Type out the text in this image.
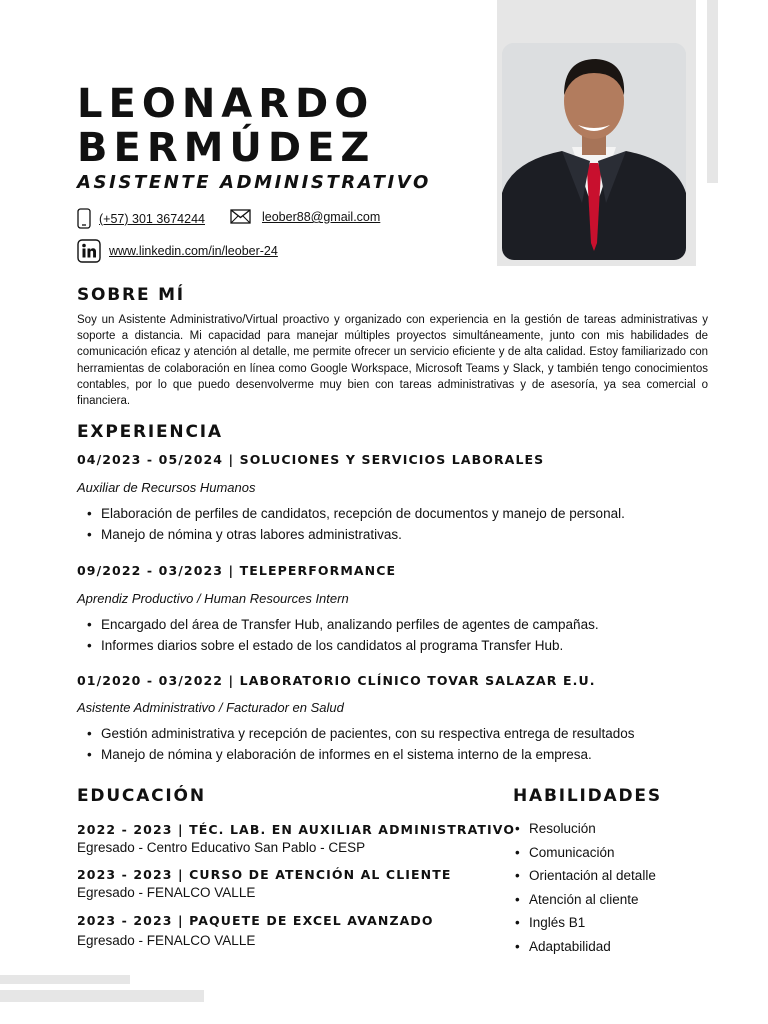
LEONARDO
BERMÚDEZ
ASISTENTE ADMINISTRATIVO
(+57) 301 3674244	leober88@gmail.com
www.linkedin.com/in/leober-24
SOBRE MÍ

Soy un Asistente Administrativo/Virtual proactivo y organizado con experiencia en la gestión de tareas administrativas y soporte a distancia. Mi capacidad para manejar múltiples proyectos simultáneamente, junto con mis habilidades de comunicación eficaz y atención al detalle, me permite ofrecer un servicio eficiente y de alta calidad. Estoy familiarizado con herramientas de colaboración en línea como Google Workspace, Microsoft Teams y Slack, y también tengo conocimientos contables, por lo que puedo desenvolverme muy bien con tareas administrativas y de asesoría, ya sea comercial o financiera.

EXPERIENCIA
04/2023 - 05/2024 | SOLUCIONES Y SERVICIOS LABORALES
Auxiliar de Recursos Humanos
• Elaboración de perfiles de candidatos, recepción de documentos y manejo de personal.
• Manejo de nómina y otras labores administrativas.
09/2022 - 03/2023 | TELEPERFORMANCE
Aprendiz Productivo / Human Resources Intern
• Encargado del área de Transfer Hub, analizando perfiles de agentes de campañas.
• Informes diarios sobre el estado de los candidatos al programa Transfer Hub.
01/2020 - 03/2022 | LABORATORIO CLÍNICO TOVAR SALAZAR E.U.
Asistente Administrativo / Facturador en Salud
• Gestión administrativa y recepción de pacientes, con su respectiva entrega de resultados
• Manejo de nómina y elaboración de informes en el sistema interno de la empresa.
EDUCACIÓN
2022 - 2023 | TÉC. LAB. EN AUXILIAR ADMINISTRATIVO
Egresado - Centro Educativo San Pablo - CESP
2023 - 2023 | CURSO DE ATENCIÓN AL CLIENTE
Egresado - FENALCO VALLE
2023 - 2023 | PAQUETE DE EXCEL AVANZADO
Egresado - FENALCO VALLE
HABILIDADES
• Resolución
• Comunicación
• Orientación al detalle
• Atención al cliente
• Inglés B1
• Adaptabilidad
